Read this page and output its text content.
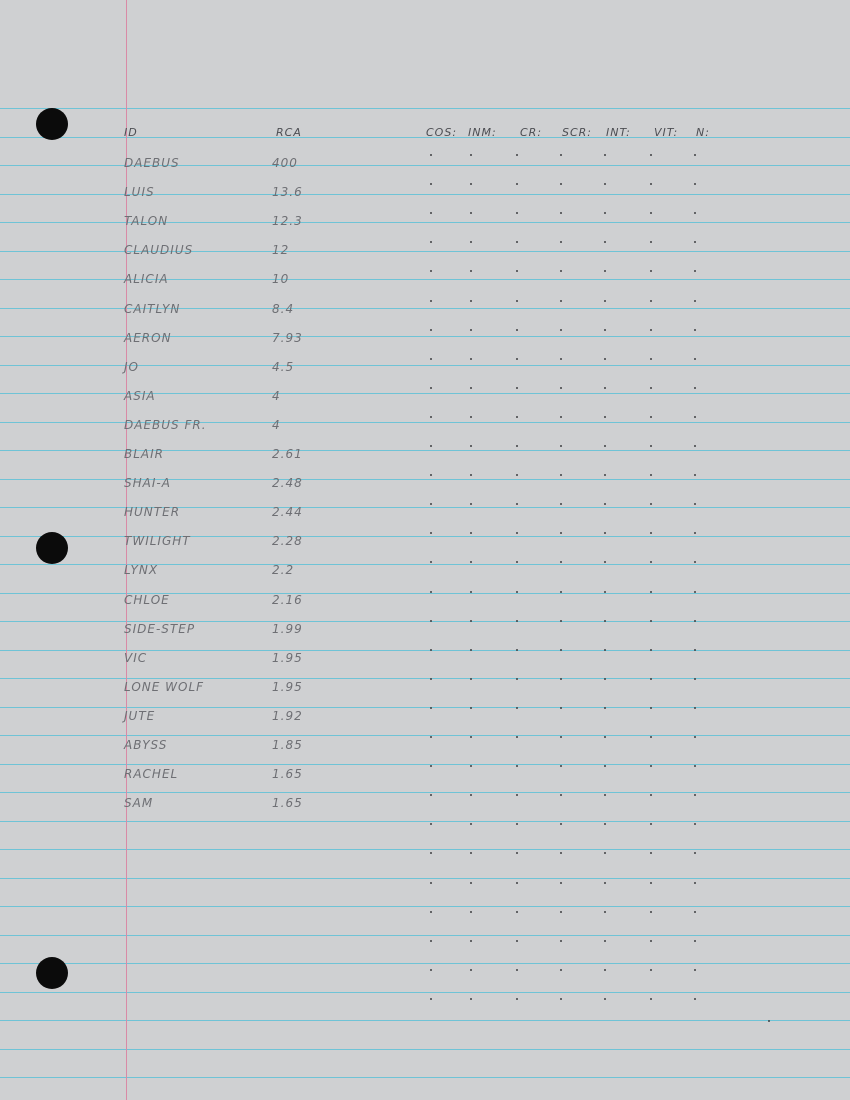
ID	RCA	COS: INM: CR: SCR: INT: VIT: N:
DAEBUS	400
LUIS	13.6
TALON	12.3
CLAUDIUS	12
ALICIA	10
CAITLYN	8.4
AERON	7.93
JO	4.5
ASIA	4
DAEBUS FR.	4
BLAIR	2.61
SHAI-A	2.48
HUNTER	2.44
TWILIGHT	2.28
LYNX	2.2
CHLOE	2.16
SIDE-STEP	1.99
VIC	1.95
LONE WOLF	1.95
JUTE	1.92
ABYSS	1.85
RACHEL	1.65
SAM	1.65
